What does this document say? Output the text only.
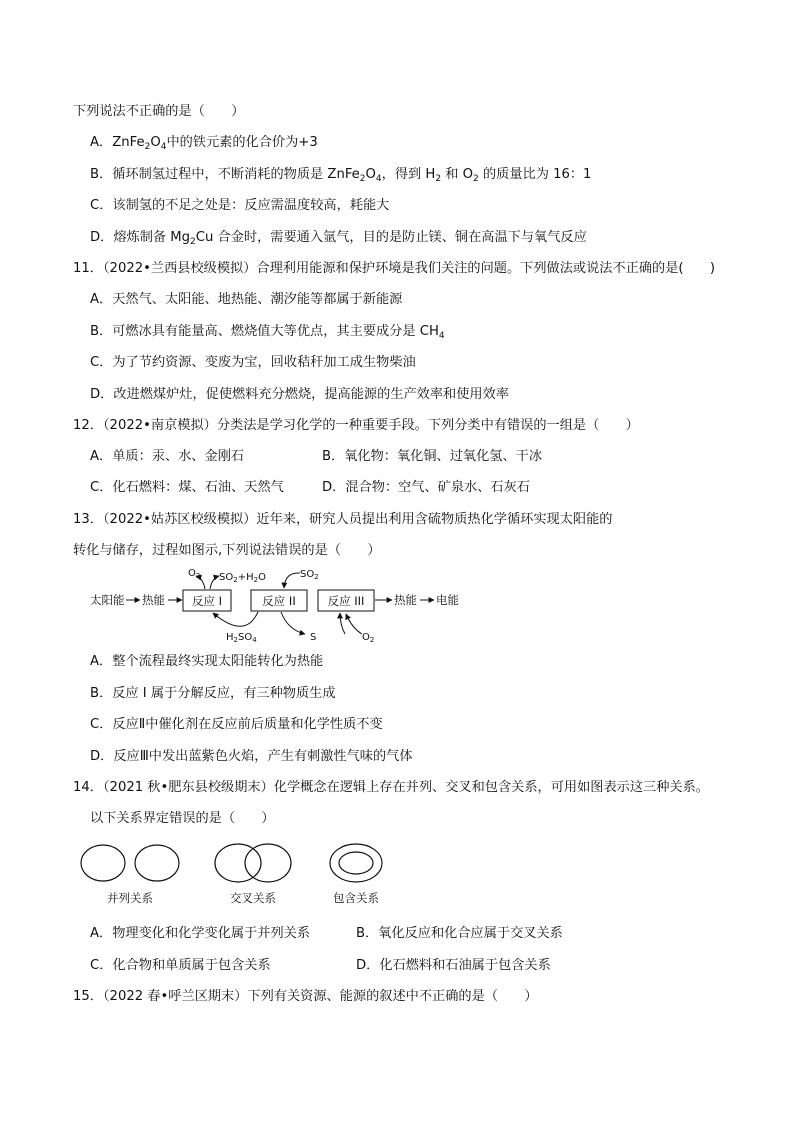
下列说法不正确的是（　　）
A．$ZnFe_2O_4$中的铁元素的化合价为+3
B．循环制氢过程中，不断消耗的物质是 $ZnFe_2O_4$，得到 $H_2$ 和 $O_2$ 的质量比为 16：1
C．该制氢的不足之处是：反应需温度较高，耗能大
D．熔炼制备 $Mg_2Cu$ 合金时，需要通入氩气，目的是防止镁、铜在高温下与氧气反应
11．（2022•兰西县校级模拟）合理利用能源和保护环境是我们关注的问题。下列做法或说法不正确的是(　　)
A．天然气、太阳能、地热能、潮汐能等都属于新能源
B．可燃冰具有能量高、燃烧值大等优点，其主要成分是 $CH_4$
C．为了节约资源、变废为宝，回收秸秆加工成生物柴油
D．改进燃煤炉灶，促使燃料充分燃烧，提高能源的生产效率和使用效率
12．（2022•南京模拟）分类法是学习化学的一种重要手段。下列分类中有错误的一组是（　　）
A．单质：汞、水、金刚石	B．氧化物：氧化铜、过氧化氢、干冰
C．化石燃料：煤、石油、天然气	D．混合物：空气、矿泉水、石灰石
13．（2022•姑苏区校级模拟）近年来，研究人员提出利用含硫物质热化学循环实现太阳能的
转化与储存，过程如图示,下列说法错误的是（　　）
太阳能 热能 反应 I	反应 II	反应 III	热能 电能
$O_2$ $SO_2+H_2O$	$SO_2$
$H_2SO_4$	S	$O_2$
A．整个流程最终实现太阳能转化为热能
B．反应 I 属于分解反应，有三种物质生成
C．反应Ⅱ中催化剂在反应前后质量和化学性质不变
D．反应Ⅲ中发出蓝紫色火焰，产生有刺激性气味的气体
14．（2021 秋•肥东县校级期末）化学概念在逻辑上存在并列、交叉和包含关系，可用如图表示这三种关系。
以下关系界定错误的是（　　）
并列关系	交叉关系	包含关系
A．物理变化和化学变化属于并列关系	B．氧化反应和化合应属于交叉关系
C．化合物和单质属于包含关系	D．化石燃料和石油属于包含关系
15．（2022 春•呼兰区期末）下列有关资源、能源的叙述中不正确的是（　　）
